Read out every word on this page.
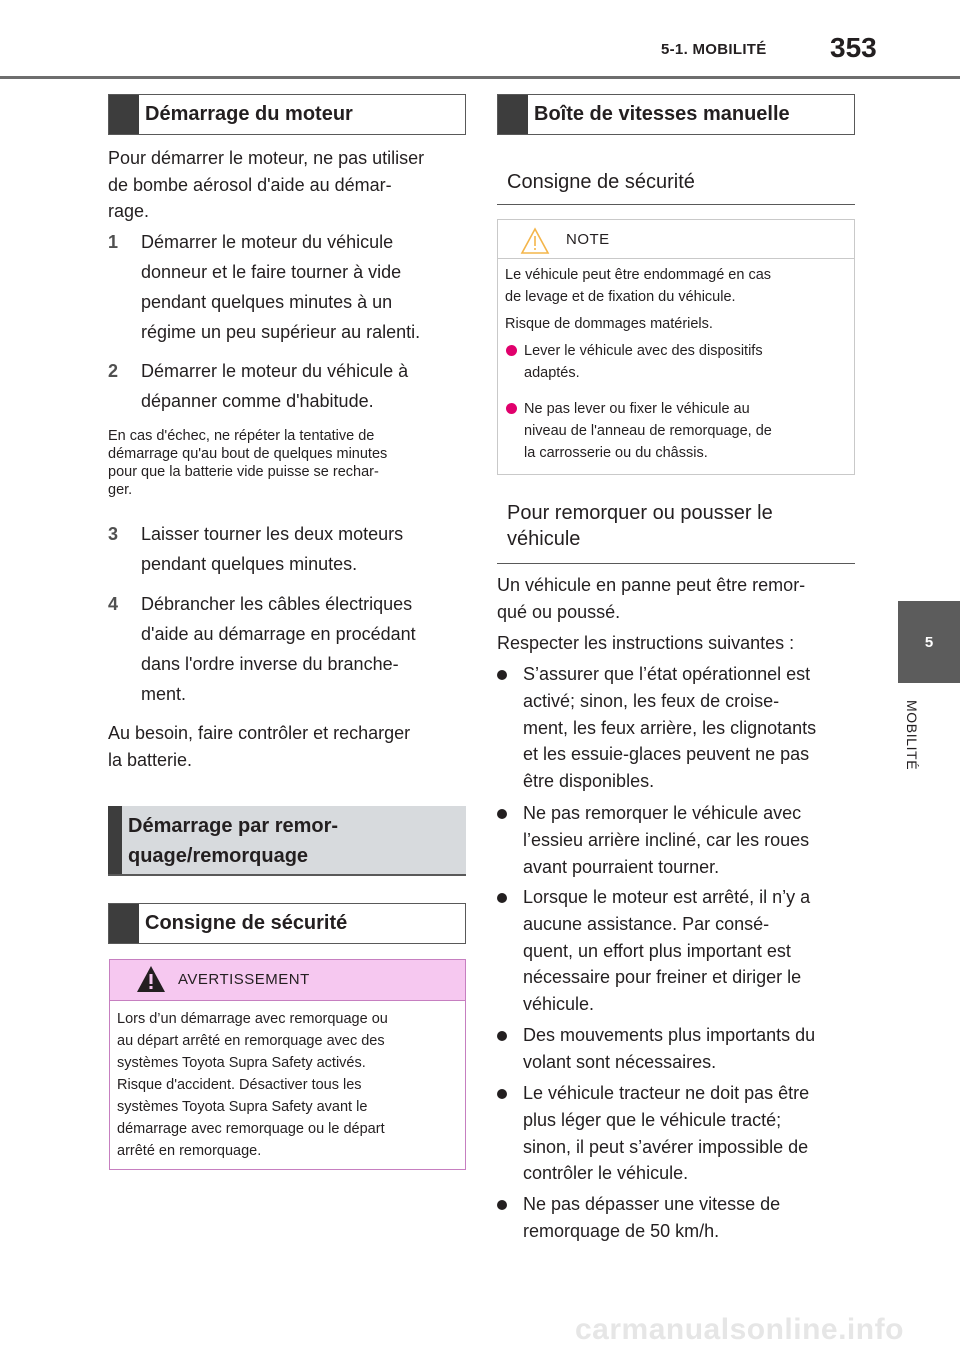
5-1. MOBILITÉ 353
5
MOBILITÉ
Démarrage du moteur
Pour démarrer le moteur, ne pas utiliser
de bombe aérosol d'aide au démar-
rage.
1 Démarrer le moteur du véhicule
donneur et le faire tourner à vide
pendant quelques minutes à un
régime un peu supérieur au ralenti.
2 Démarrer le moteur du véhicule à
dépanner comme d'habitude.
En cas d'échec, ne répéter la tentative de
démarrage qu'au bout de quelques minutes
pour que la batterie vide puisse se rechar-
ger.
3 Laisser tourner les deux moteurs
pendant quelques minutes.
4 Débrancher les câbles électriques
d'aide au démarrage en procédant
dans l'ordre inverse du branche-
ment.
Au besoin, faire contrôler et recharger
la batterie.
Démarrage par remor-
quage/remorquage
Consigne de sécurité
AVERTISSEMENT
Lors d’un démarrage avec remorquage ou
au départ arrêté en remorquage avec des
systèmes Toyota Supra Safety activés.
Risque d'accident. Désactiver tous les
systèmes Toyota Supra Safety avant le
démarrage avec remorquage ou le départ
arrêté en remorquage.
Boîte de vitesses manuelle
Consigne de sécurité
NOTE
Le véhicule peut être endommagé en cas
de levage et de fixation du véhicule.
Risque de dommages matériels.
Lever le véhicule avec des dispositifs
adaptés.
Ne pas lever ou fixer le véhicule au
niveau de l'anneau de remorquage, de
la carrosserie ou du châssis.
Pour remorquer ou pousser le
véhicule
Un véhicule en panne peut être remor-
qué ou poussé.
Respecter les instructions suivantes :
S’assurer que l’état opérationnel est
activé; sinon, les feux de croise-
ment, les feux arrière, les clignotants
et les essuie-glaces peuvent ne pas
être disponibles.
Ne pas remorquer le véhicule avec
l’essieu arrière incliné, car les roues
avant pourraient tourner.
Lorsque le moteur est arrêté, il n’y a
aucune assistance. Par consé-
quent, un effort plus important est
nécessaire pour freiner et diriger le
véhicule.
Des mouvements plus importants du
volant sont nécessaires.
Le véhicule tracteur ne doit pas être
plus léger que le véhicule tracté;
sinon, il peut s’avérer impossible de
contrôler le véhicule.
Ne pas dépasser une vitesse de
remorquage de 50 km/h.
carmanualsonline.info
